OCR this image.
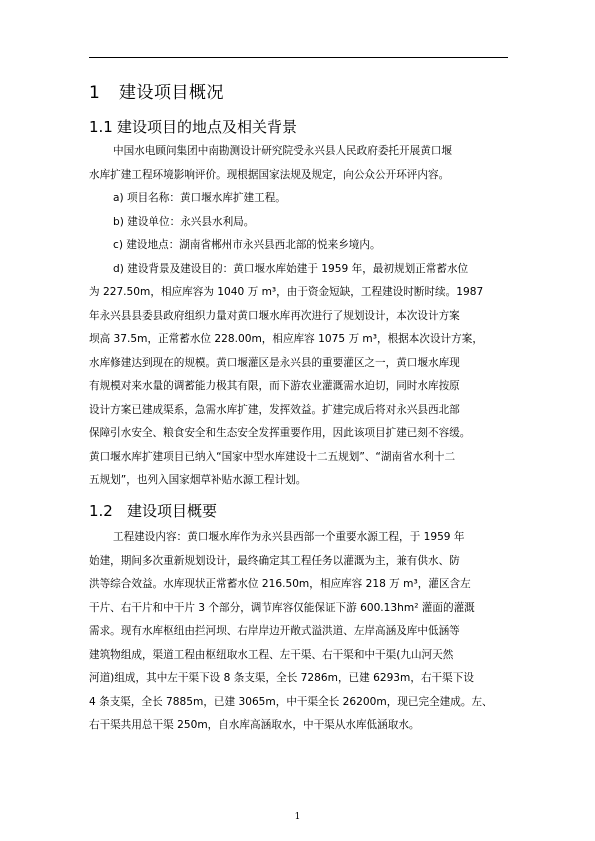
1 建设项目概况
1.1 建设项目的地点及相关背景
中国水电顾问集团中南勘测设计研究院受永兴县人民政府委托开展黄口堰
水库扩建工程环境影响评价。现根据国家法规及规定，向公众公开环评内容。
a) 项目名称：黄口堰水库扩建工程。
b) 建设单位：永兴县水利局。
c) 建设地点：湖南省郴州市永兴县西北部的悦来乡境内。
d) 建设背景及建设目的：黄口堰水库始建于 1959 年，最初规划正常蓄水位
为 227.50m，相应库容为 1040 万 m³，由于资金短缺，工程建设时断时续。1987
年永兴县县委县政府组织力量对黄口堰水库再次进行了规划设计，本次设计方案
坝高 37.5m，正常蓄水位 228.00m，相应库容 1075 万 m³，根据本次设计方案，
水库修建达到现在的规模。黄口堰灌区是永兴县的重要灌区之一，黄口堰水库现
有规模对来水量的调蓄能力极其有限，而下游农业灌溉需水迫切，同时水库按原
设计方案已建成渠系，急需水库扩建，发挥效益。扩建完成后将对永兴县西北部
保障引水安全、粮食安全和生态安全发挥重要作用，因此该项目扩建已刻不容缓。
黄口堰水库扩建项目已纳入“国家中型水库建设十二五规划”、“湖南省水利十二
五规划”，也列入国家烟草补贴水源工程计划。
1.2 建设项目概要
工程建设内容：黄口堰水库作为永兴县西部一个重要水源工程，于 1959 年
始建，期间多次重新规划设计，最终确定其工程任务以灌溉为主，兼有供水、防
洪等综合效益。水库现状正常蓄水位 216.50m，相应库容 218 万 m³，灌区含左
干片、右干片和中干片 3 个部分，调节库容仅能保证下游 600.13hm² 灌面的灌溉
需求。现有水库枢纽由拦河坝、右岸岸边开敞式溢洪道、左岸高涵及库中低涵等
建筑物组成，渠道工程由枢纽取水工程、左干渠、右干渠和中干渠(九山河天然
河道)组成，其中左干渠下设 8 条支渠，全长 7286m，已建 6293m，右干渠下设
4 条支渠，全长 7885m，已建 3065m，中干渠全长 26200m，现已完全建成。左、
右干渠共用总干渠 250m，自水库高涵取水，中干渠从水库低涵取水。
1
